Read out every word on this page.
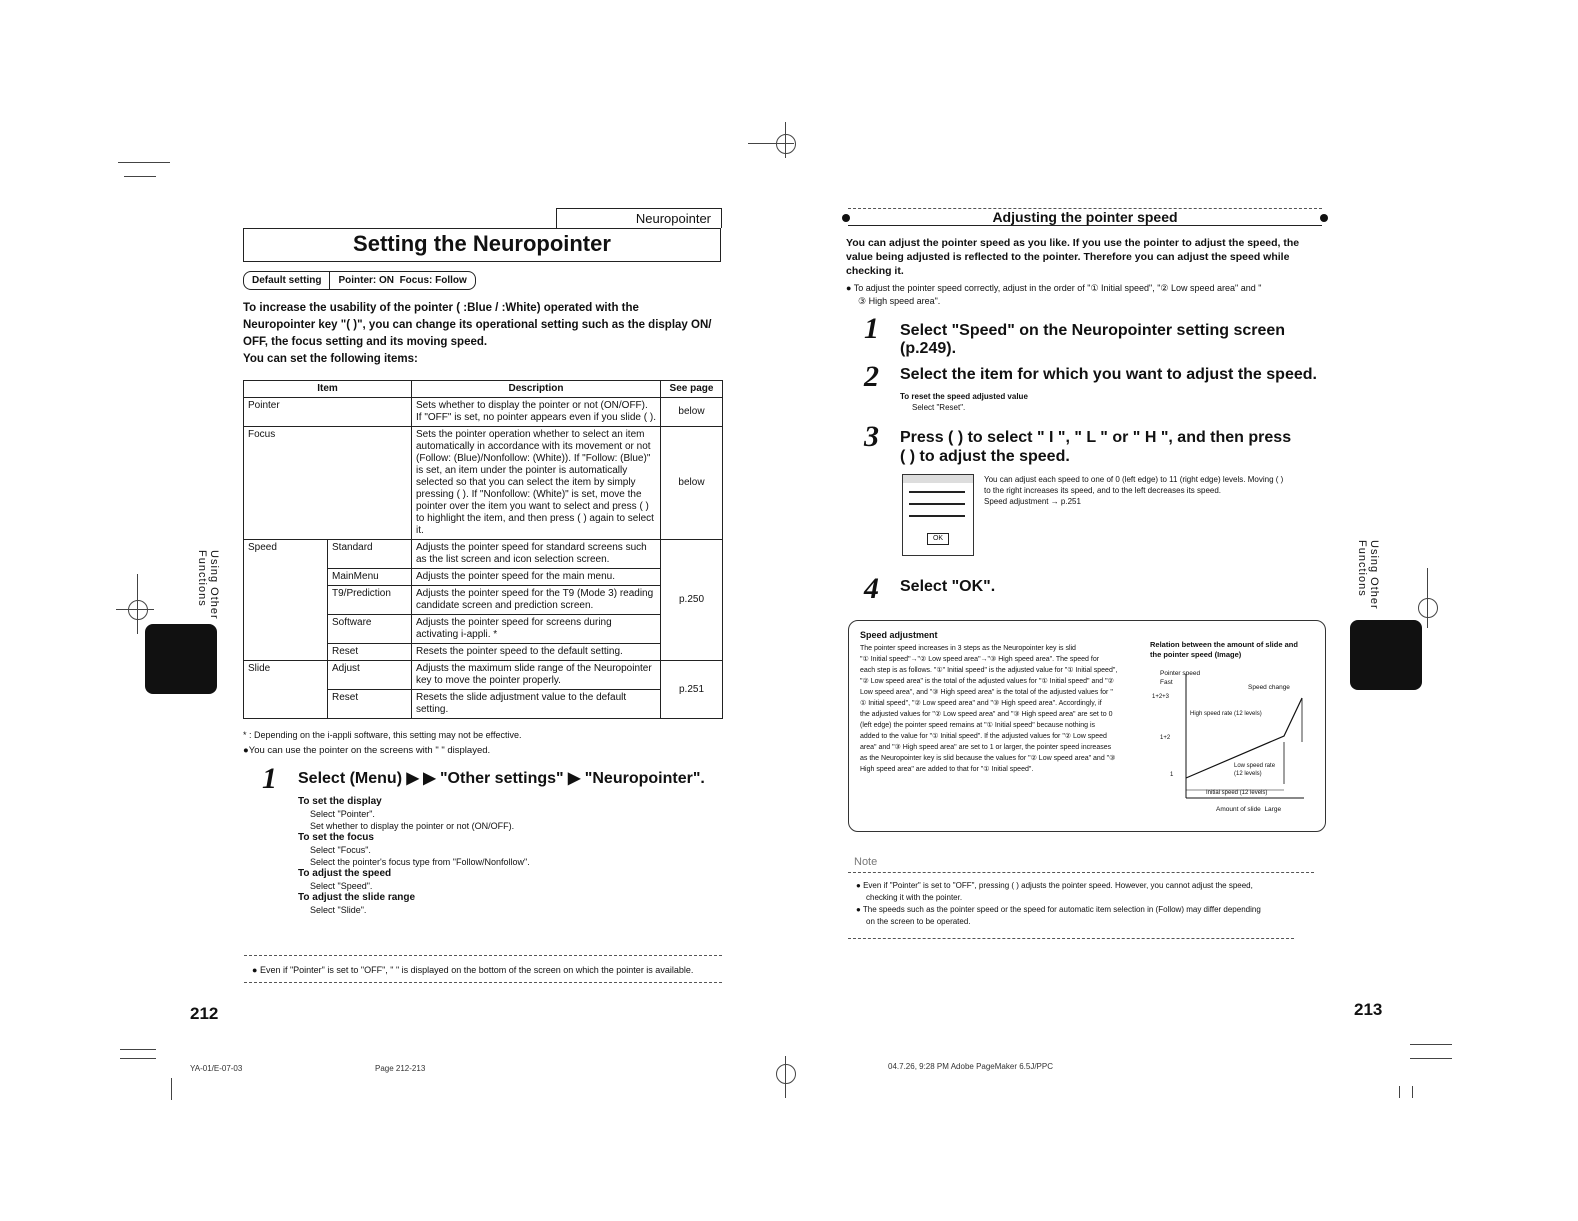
Neuropointer
Setting the Neuropointer
Default setting	Pointer: ON Focus: Follow
To increase the usability of the pointer ( :Blue / :White) operated with the
Neuropointer key "( )", you can change its operational setting such as the display ON/
OFF, the focus setting and its moving speed.
You can set the following items:
Item		Description	See page
Pointer		Sets whether to display the pointer or not (ON/OFF). If "OFF" is set, no pointer appears even if you slide ( ).	below
Focus		Sets the pointer operation whether to select an item automatically in accordance with its movement or not (Follow: (Blue)/Nonfollow: (White)). If "Follow: (Blue)" is set, an item under the pointer is automatically selected so that you can select the item by simply pressing ( ). If "Nonfollow: (White)" is set, move the pointer over the item you want to select and press ( ) to highlight the item, and then press ( ) again to select it.	below
Speed	Standard	Adjusts the pointer speed for standard screens such as the list screen and icon selection screen.	p.250
	MainMenu	Adjusts the pointer speed for the main menu.	
	T9/Prediction	Adjusts the pointer speed for the T9 (Mode 3) reading candidate screen and prediction screen.	
	Software	Adjusts the pointer speed for screens during activating i-appli. *	
	Reset	Resets the pointer speed to the default setting.	
Slide	Adjust	Adjusts the maximum slide range of the Neuropointer key to move the pointer properly.	p.251
	Reset	Resets the slide adjustment value to the default setting.	
* : Depending on the i-appli software, this setting may not be effective.
●You can use the pointer on the screens with " " displayed.
1 Select (Menu) ▶ ▶ "Other settings" ▶ "Neuropointer".
To set the display
Select "Pointer".
Set whether to display the pointer or not (ON/OFF).
To set the focus
Select "Focus".
Select the pointer's focus type from "Follow/Nonfollow".
To adjust the speed
Select "Speed".
To adjust the slide range
Select "Slide".
● Even if "Pointer" is set to "OFF", " " is displayed on the bottom of the screen on which the pointer is available.
Using Other Functions
212
YA-01/E-07-03	Page 212-213
Adjusting the pointer speed
You can adjust the pointer speed as you like. If you use the pointer to adjust the speed, the
value being adjusted is reflected to the pointer. Therefore you can adjust the speed while
checking it.
● To adjust the pointer speed correctly, adjust in the order of "① Initial speed", "② Low speed area" and "
③ High speed area".
1 Select "Speed" on the Neuropointer setting screen (p.249).
2 Select the item for which you want to adjust the speed.
To reset the speed adjusted value
Select "Reset".
3 Press ( ) to select " I ", " L " or " H ", and then press ( ) to adjust the speed.
OK
You can adjust each speed to one of 0 (left edge) to 11 (right edge) levels. Moving ( )
to the right increases its speed, and to the left decreases its speed.
Speed adjustment → p.251
4 Select "OK".
Speed adjustment
The pointer speed increases in 3 steps as the Neuropointer key is slid
"① Initial speed"→"② Low speed area"→"③ High speed area". The speed for
each step is as follows. "①" Initial speed" is the adjusted value for "① Initial speed",
"② Low speed area" is the total of the adjusted values for "① Initial speed" and "②
Low speed area", and "③ High speed area" is the total of the adjusted values for "
① Initial speed", "② Low speed area" and "③ High speed area". Accordingly, if
the adjusted values for "② Low speed area" and "③ High speed area" are set to 0
(left edge) the pointer speed remains at "① Initial speed" because nothing is
added to the value for "① Initial speed". If the adjusted values for "② Low speed
area" and "③ High speed area" are set to 1 or larger, the pointer speed increases
as the Neuropointer key is slid because the values for "② Low speed area" and "③
High speed area" are added to that for "① Initial speed".
Relation between the amount of slide and the pointer speed (Image)
Pointer speed
Fast
Speed change
High speed rate (12 levels)
Low speed rate (12 levels)
Initial speed (12 levels)
Amount of slide Large
1+2+3
1+2
1
Note
● Even if "Pointer" is set to "OFF", pressing ( ) adjusts the pointer speed. However, you cannot adjust the speed,
checking it with the pointer.
● The speeds such as the pointer speed or the speed for automatic item selection in (Follow) may differ depending
on the screen to be operated.
Using Other Functions
213
04.7.26, 9:28 PM Adobe PageMaker 6.5J/PPC
